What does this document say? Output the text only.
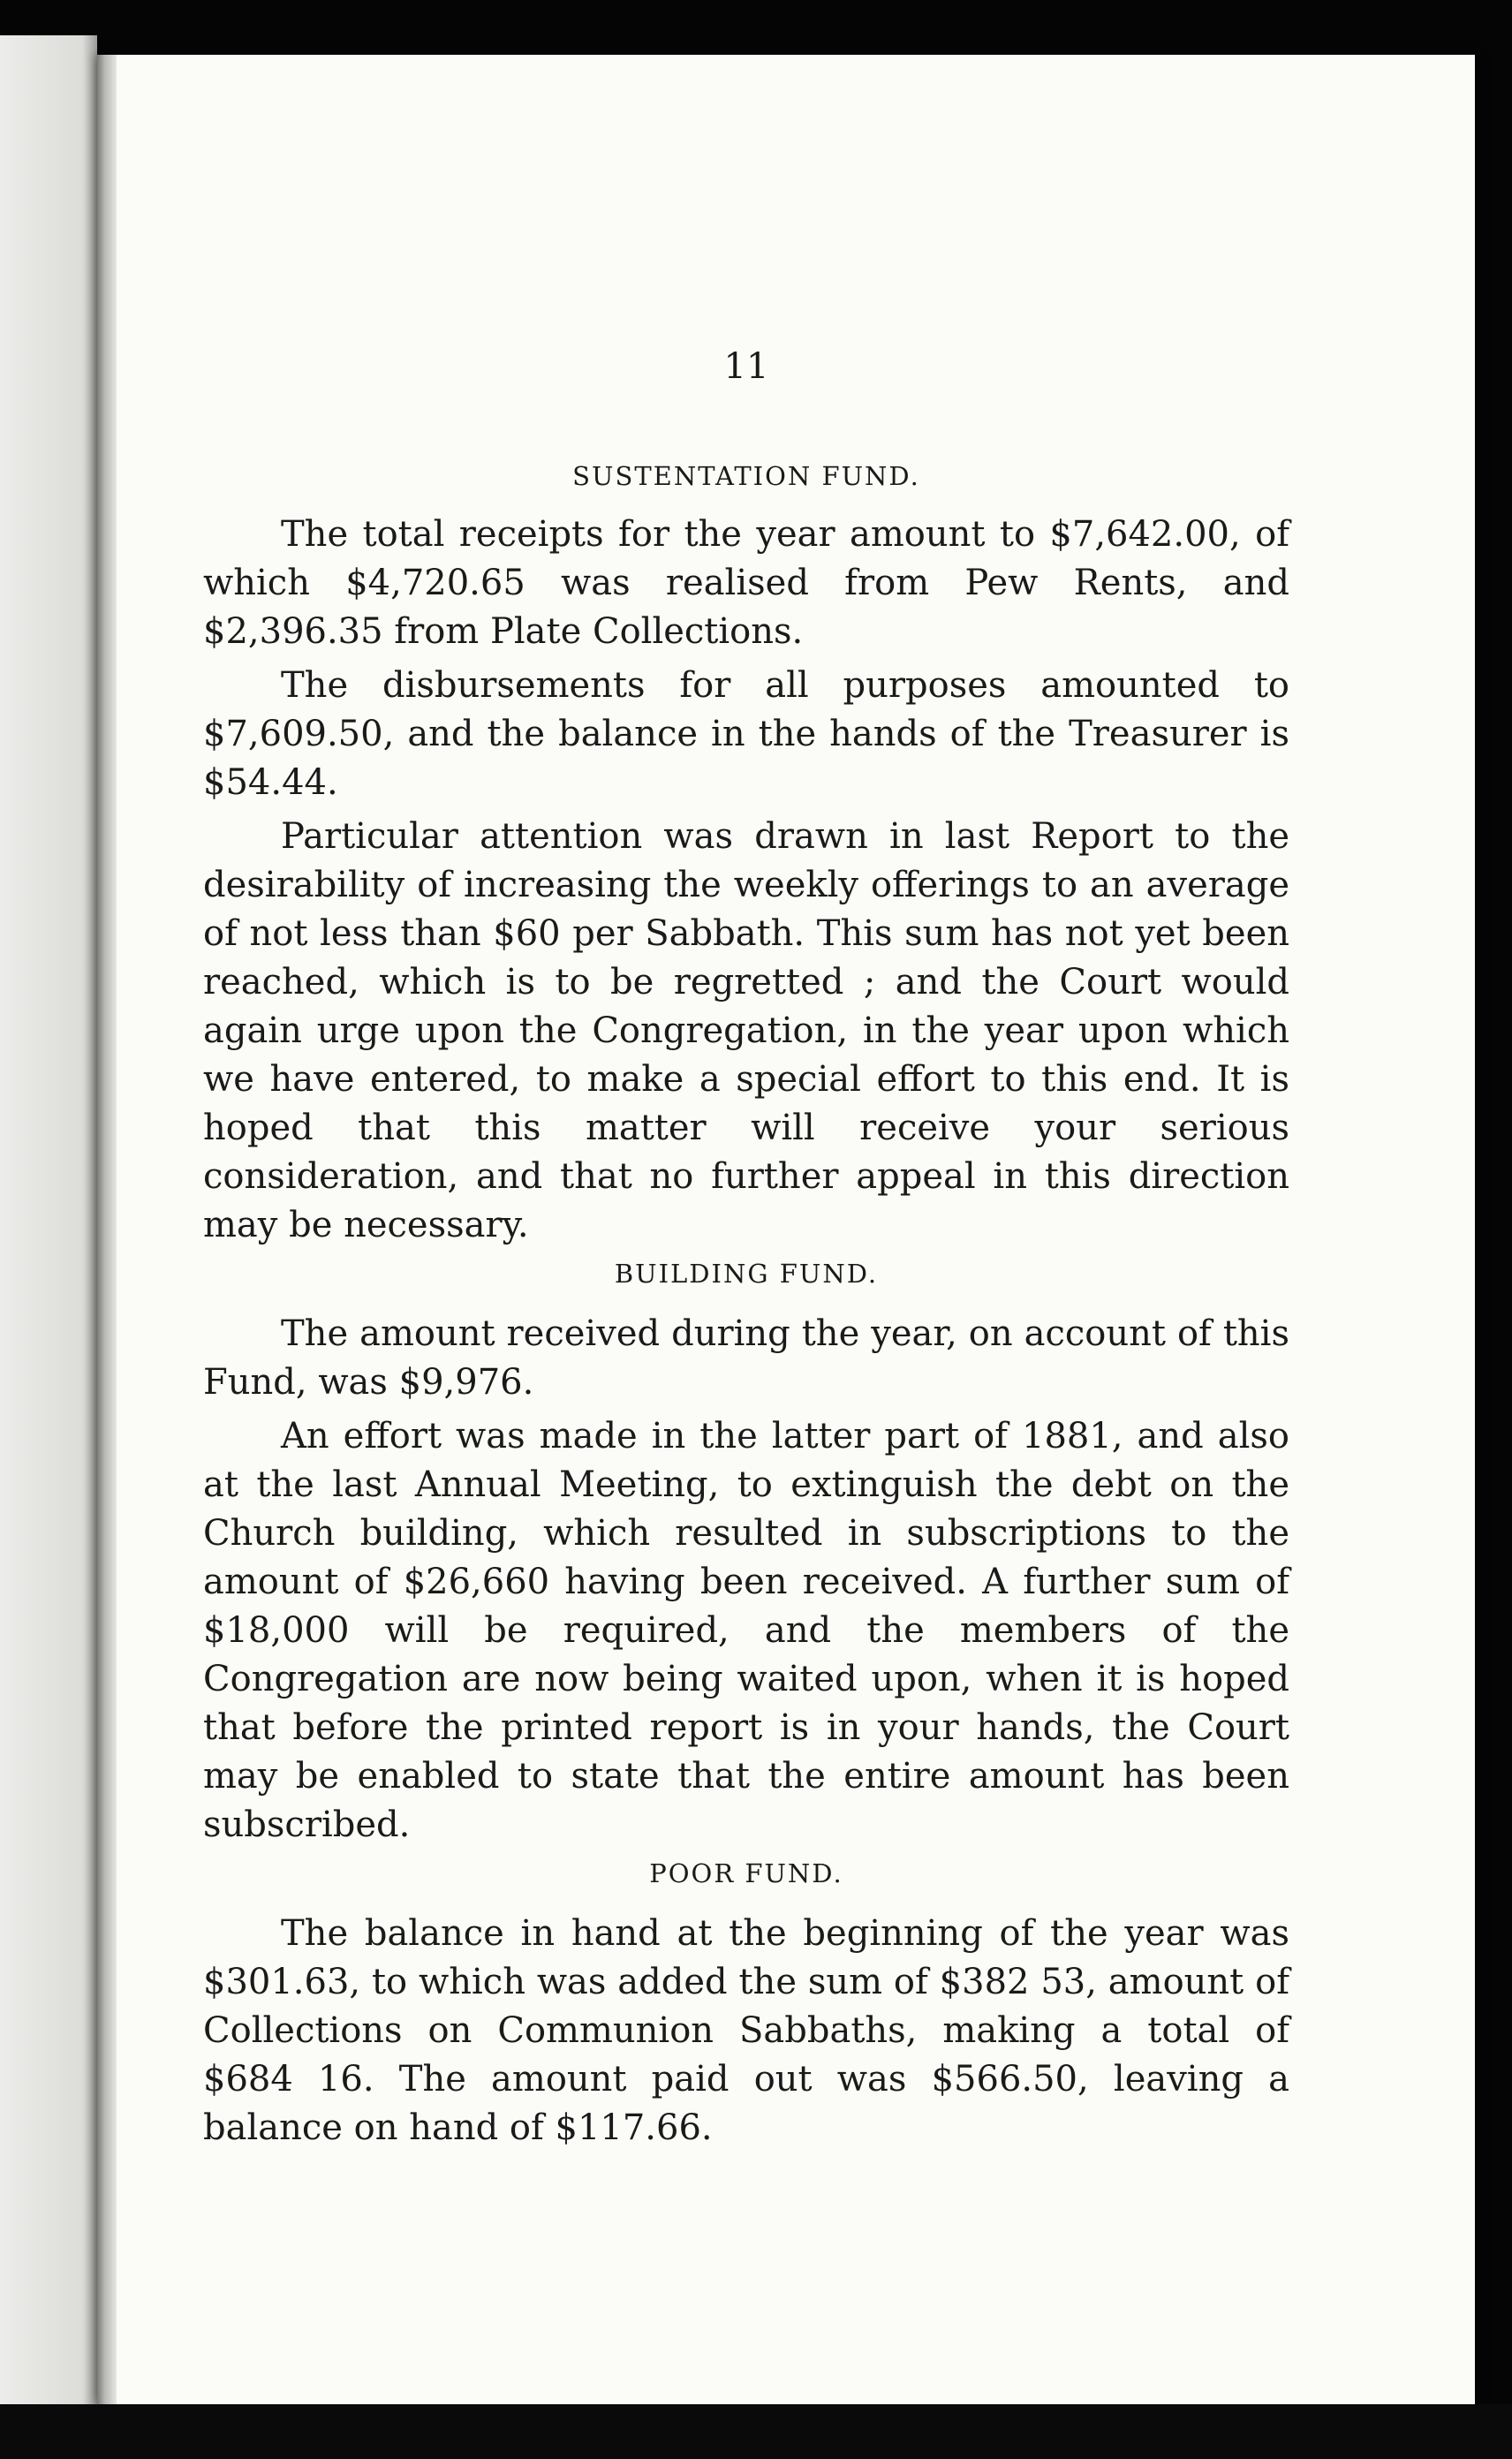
11

SUSTENTATION FUND.

The total receipts for the year amount to $7,642.00, of which $4,720.65 was realised from Pew Rents, and $2,396.35 from Plate Collections.

The disbursements for all purposes amounted to $7,609.50, and the balance in the hands of the Treasurer is $54.44.

Particular attention was drawn in last Report to the desirability of increasing the weekly offerings to an average of not less than $60 per Sabbath. This sum has not yet been reached, which is to be regretted ; and the Court would again urge upon the Congregation, in the year upon which we have entered, to make a special effort to this end. It is hoped that this matter will receive your serious consideration, and that no further appeal in this direction may be necessary.

BUILDING FUND.

The amount received during the year, on account of this Fund, was $9,976.

An effort was made in the latter part of 1881, and also at the last Annual Meeting, to extinguish the debt on the Church building, which resulted in subscriptions to the amount of $26,660 having been received. A further sum of $18,000 will be required, and the members of the Congregation are now being waited upon, when it is hoped that before the printed report is in your hands, the Court may be enabled to state that the entire amount has been subscribed.

POOR FUND.

The balance in hand at the beginning of the year was $301.63, to which was added the sum of $382 53, amount of Collections on Communion Sabbaths, making a total of $684 16. The amount paid out was $566.50, leaving a balance on hand of $117.66.
